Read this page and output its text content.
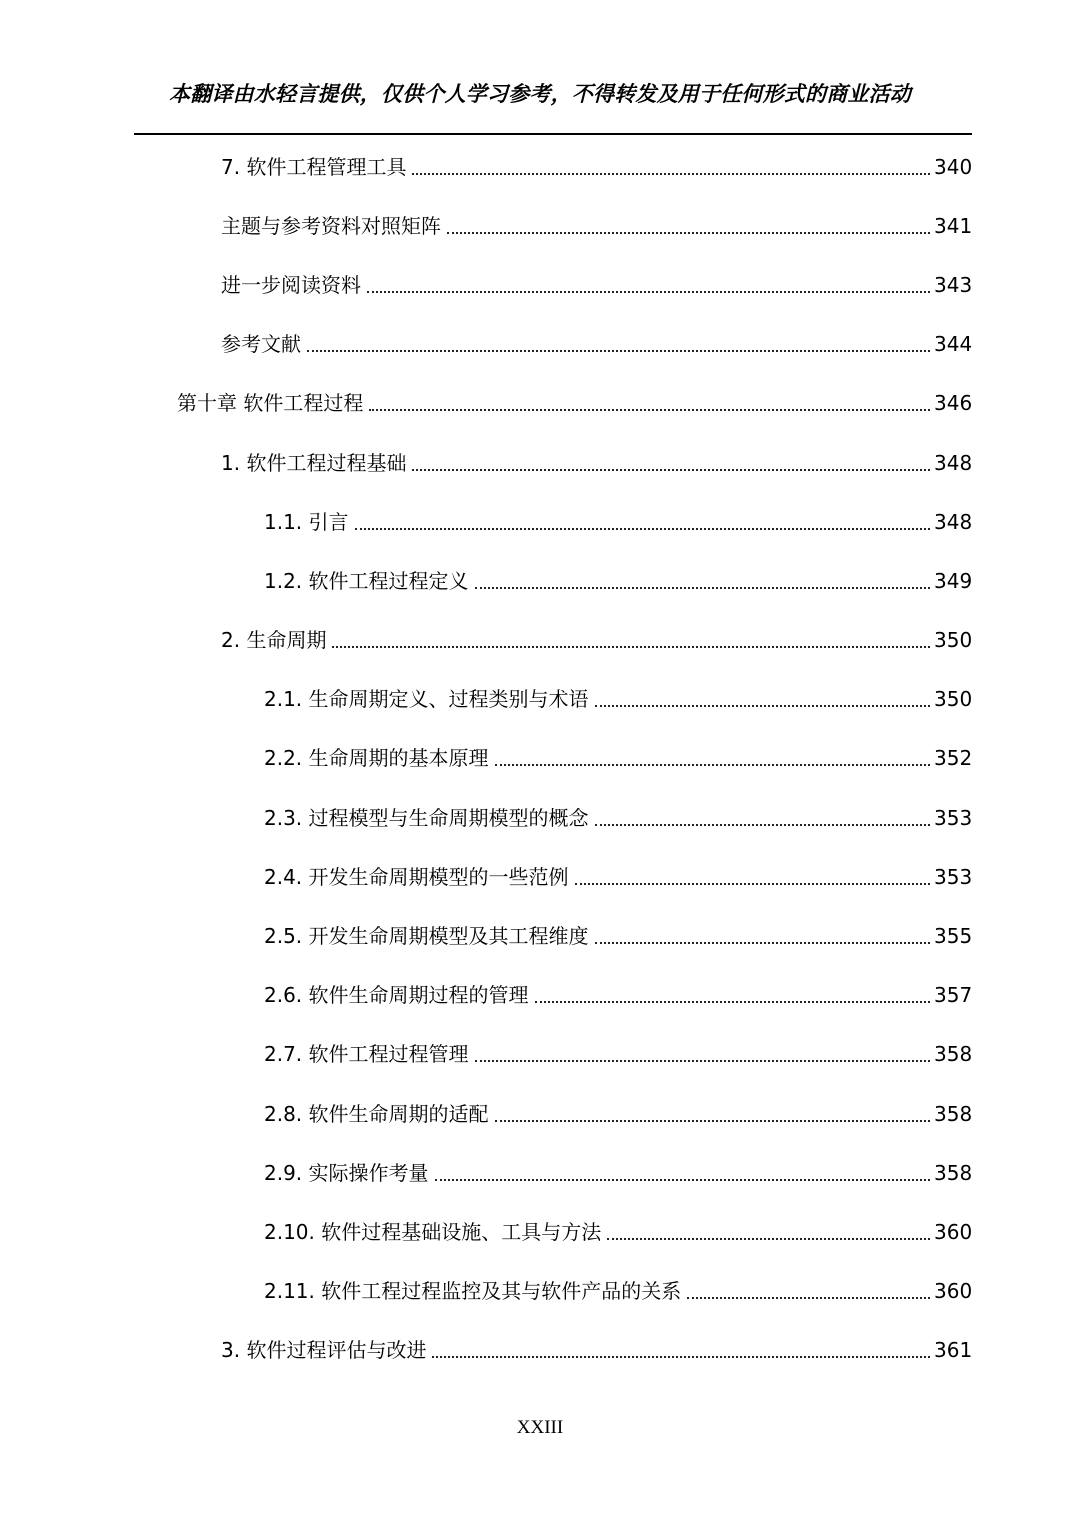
本翻译由水轻言提供，仅供个人学习参考，不得转发及用于任何形式的商业活动
7. 软件工程管理工具	340
主题与参考资料对照矩阵	341
进一步阅读资料	343
参考文献	344
第十章 软件工程过程	346
1. 软件工程过程基础	348
1.1. 引言	348
1.2. 软件工程过程定义	349
2. 生命周期	350
2.1. 生命周期定义、过程类别与术语	350
2.2. 生命周期的基本原理	352
2.3. 过程模型与生命周期模型的概念	353
2.4. 开发生命周期模型的一些范例	353
2.5. 开发生命周期模型及其工程维度	355
2.6. 软件生命周期过程的管理	357
2.7. 软件工程过程管理	358
2.8. 软件生命周期的适配	358
2.9. 实际操作考量	358
2.10. 软件过程基础设施、工具与方法	360
2.11. 软件工程过程监控及其与软件产品的关系	360
3. 软件过程评估与改进	361
XXIII
